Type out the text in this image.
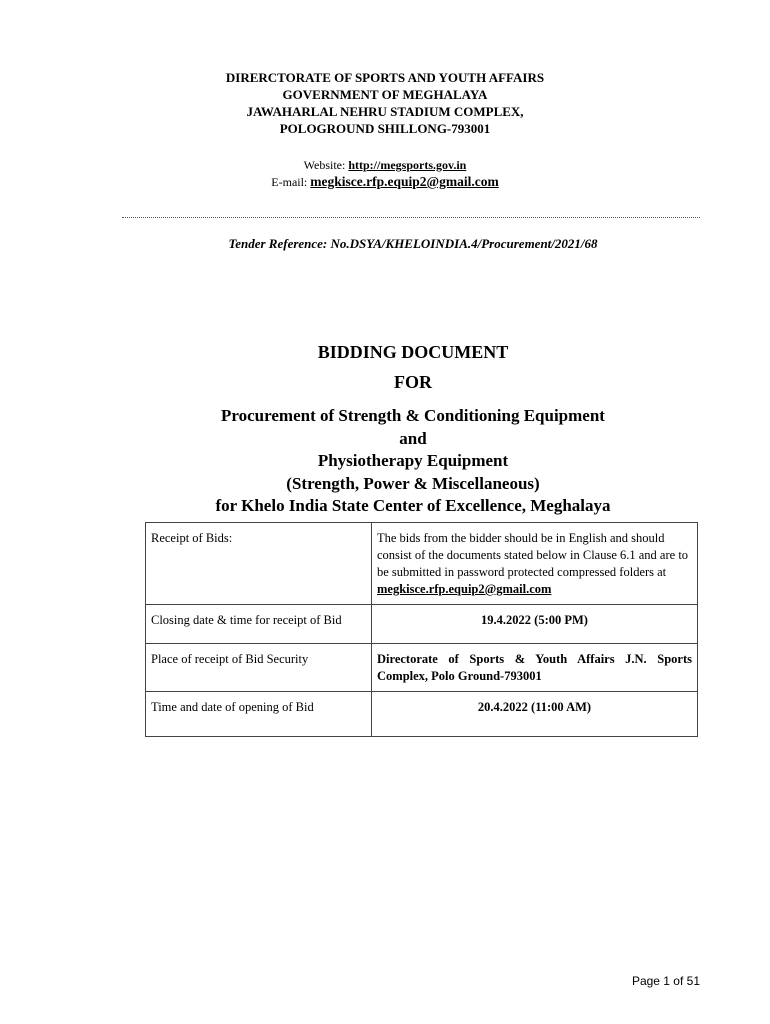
DIRERCTORATE OF SPORTS AND YOUTH AFFAIRS
GOVERNMENT OF MEGHALAYA
JAWAHARLAL NEHRU STADIUM COMPLEX,
POLOGROUND SHILLONG-793001
Website: http://megsports.gov.in
E-mail: megkisce.rfp.equip2@gmail.com
Tender Reference: No.DSYA/KHELOINDIA.4/Procurement/2021/68
BIDDING DOCUMENT
FOR
Procurement of Strength & Conditioning Equipment
and
Physiotherapy Equipment
(Strength, Power & Miscellaneous)
for Khelo India State Center of Excellence, Meghalaya
Receipt of Bids:	The bids from the bidder should be in English and should consist of the documents stated below in Clause 6.1 and are to be submitted in password protected compressed folders at
megkisce.rfp.equip2@gmail.com
Closing date & time for receipt of Bid	19.4.2022 (5:00 PM)
Place of receipt of Bid Security	Directorate of Sports & Youth Affairs J.N. Sports Complex, Polo Ground-793001
Time and date of opening of Bid	20.4.2022 (11:00 AM)
Page 1 of 51
